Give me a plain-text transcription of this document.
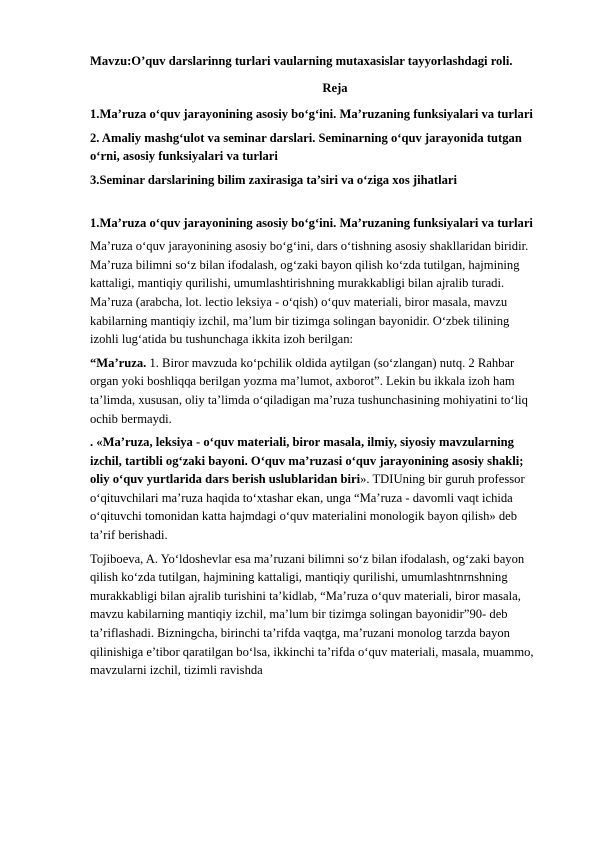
Mavzu:O’quv darslarinng turlari vaularning mutaxasislar tayyorlashdagi roli.

Reja

1.Ma’ruza o‘quv jarayonining asosiy bo‘g‘ini. Ma’ruzaning funksiyalari va turlari

2. Amaliy mashg‘ulot va seminar darslari. Seminarning o‘quv jarayonida tutgan o‘rni, asosiy funksiyalari va turlari

3.Seminar darslarining bilim zaxirasiga ta’siri va o‘ziga xos jihatlari

1.Ma’ruza o‘quv jarayonining asosiy bo‘g‘ini. Ma’ruzaning funksiyalari va turlari

Ma’ruza o‘quv jarayonining asosiy bo‘g‘ini, dars o‘tishning asosiy shakllaridan biridir. Ma’ruza bilimni so‘z bilan ifodalash, og‘zaki bayon qilish ko‘zda tutilgan, hajmining kattaligi, mantiqiy qurilishi, umumlashtirishning murakkabligi bilan ajralib turadi. Ma’ruza (arabcha, lot. lectio leksiya - o‘qish) o‘quv materiali, biror masala, mavzu kabilarning mantiqiy izchil, ma’lum bir tizimga solingan bayonidir. O‘zbek tilining izohli lug‘atida bu tushunchaga ikkita izoh berilgan:

“Ma’ruza. 1. Biror mavzuda ko‘pchilik oldida aytilgan (so‘zlangan) nutq. 2 Rahbar organ yoki boshliqqa berilgan yozma ma’lumot, axborot”. Lekin bu ikkala izoh ham ta’limda, xususan, oliy ta’limda o‘qiladigan ma’ruza tushunchasining mohiyatini to‘liq ochib bermaydi.

. «Ma’ruza, leksiya - o‘quv materiali, biror masala, ilmiy, siyosiy mavzularning izchil, tartibli og‘zaki bayoni. O‘quv ma’ruzasi o‘quv jarayonining asosiy shakli; oliy o‘quv yurtlarida dars berish uslublaridan biri». TDIUning bir guruh professor o‘qituvchilari ma’ruza haqida to‘xtashar ekan, unga “Ma’ruza - davomli vaqt ichida o‘qituvchi tomonidan katta hajmdagi o‘quv materialini monologik bayon qilish» deb ta’rif berishadi.

Tojiboeva, A. Yo‘ldoshevlar esa ma’ruzani bilimni so‘z bilan ifodalash, og‘zaki bayon qilish ko‘zda tutilgan, hajmining kattaligi, mantiqiy qurilishi, umumlashtnrnshning murakkabligi bilan ajralib turishini ta’kidlab, “Ma’ruza o‘quv materiali, biror masala, mavzu kabilarning mantiqiy izchil, ma’lum bir tizimga solingan bayonidir”90- deb ta’riflashadi. Bizningcha, birinchi ta’rifda vaqtga, ma’ruzani monolog tarzda bayon qilinishiga e’tibor qaratilgan bo‘lsa, ikkinchi ta’rifda o‘quv materiali, masala, muammo, mavzularni izchil, tizimli ravishda
